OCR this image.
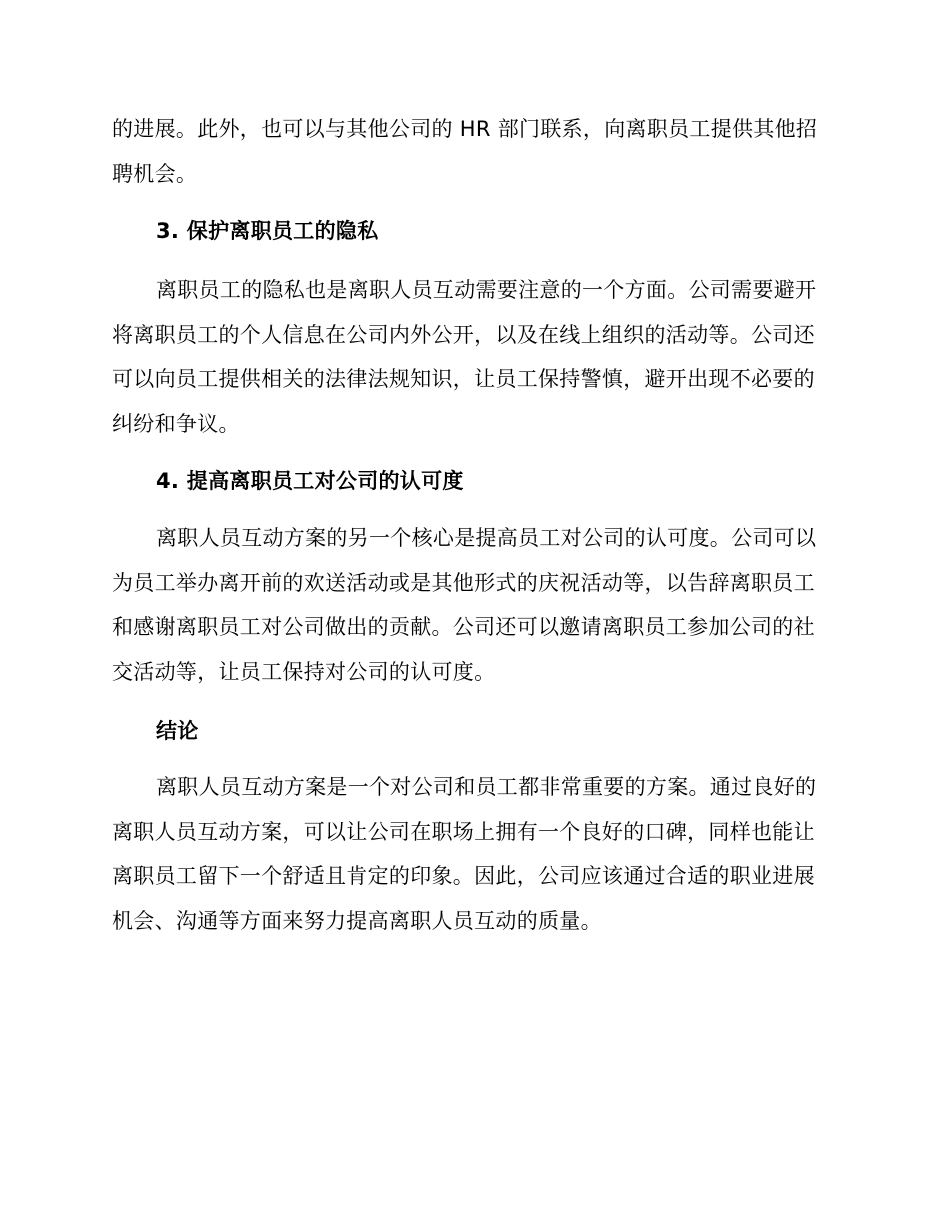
的进展。此外，也可以与其他公司的 HR 部门联系，向离职员工提供其他招聘机会。

3. 保护离职员工的隐私

离职员工的隐私也是离职人员互动需要注意的一个方面。公司需要避开将离职员工的个人信息在公司内外公开，以及在线上组织的活动等。公司还可以向员工提供相关的法律法规知识，让员工保持警慎，避开出现不必要的纠纷和争议。

4. 提高离职员工对公司的认可度

离职人员互动方案的另一个核心是提高员工对公司的认可度。公司可以为员工举办离开前的欢送活动或是其他形式的庆祝活动等，以告辞离职员工和感谢离职员工对公司做出的贡献。公司还可以邀请离职员工参加公司的社交活动等，让员工保持对公司的认可度。

结论

离职人员互动方案是一个对公司和员工都非常重要的方案。通过良好的离职人员互动方案，可以让公司在职场上拥有一个良好的口碑，同样也能让离职员工留下一个舒适且肯定的印象。因此，公司应该通过合适的职业进展机会、沟通等方面来努力提高离职人员互动的质量。
